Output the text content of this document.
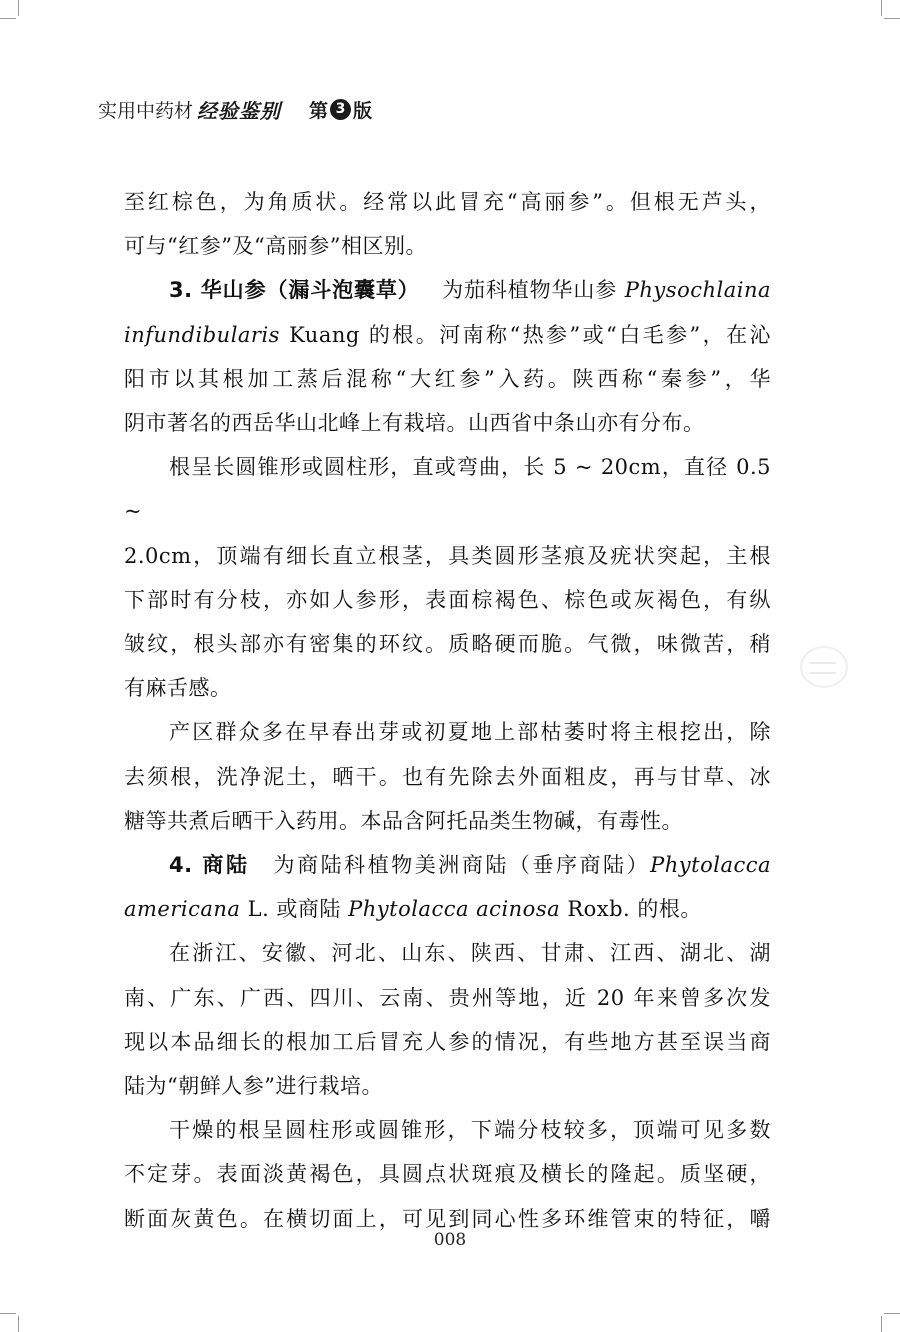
实用中药材 经验鉴别 第 3 版

至红棕色，为角质状。经常以此冒充“高丽参”。但根无芦头，

可与“红参”及“高丽参”相区别。

3. 华山参（漏斗泡囊草） 为茄科植物华山参 Physochlaina

infundibularis Kuang 的根。河南称“热参”或“白毛参”，在沁

阳市以其根加工蒸后混称“大红参”入药。陕西称“秦参”，华

阴市著名的西岳华山北峰上有栽培。山西省中条山亦有分布。

根呈长圆锥形或圆柱形，直或弯曲，长 5 ~ 20cm，直径 0.5 ~

2.0cm，顶端有细长直立根茎，具类圆形茎痕及疣状突起，主根

下部时有分枝，亦如人参形，表面棕褐色、棕色或灰褐色，有纵

皱纹，根头部亦有密集的环纹。质略硬而脆。气微，味微苦，稍

有麻舌感。

产区群众多在早春出芽或初夏地上部枯萎时将主根挖出，除

去须根，洗净泥土，晒干。也有先除去外面粗皮，再与甘草、冰

糖等共煮后晒干入药用。本品含阿托品类生物碱，有毒性。

4. 商陆 为商陆科植物美洲商陆（垂序商陆）Phytolacca

americana L. 或商陆 Phytolacca acinosa Roxb. 的根。

在浙江、安徽、河北、山东、陕西、甘肃、江西、湖北、湖

南、广东、广西、四川、云南、贵州等地，近 20 年来曾多次发

现以本品细长的根加工后冒充人参的情况，有些地方甚至误当商

陆为“朝鲜人参”进行栽培。

干燥的根呈圆柱形或圆锥形，下端分枝较多，顶端可见多数

不定芽。表面淡黄褐色，具圆点状斑痕及横长的隆起。质坚硬，

断面灰黄色。在横切面上，可见到同心性多环维管束的特征，嚼

008
